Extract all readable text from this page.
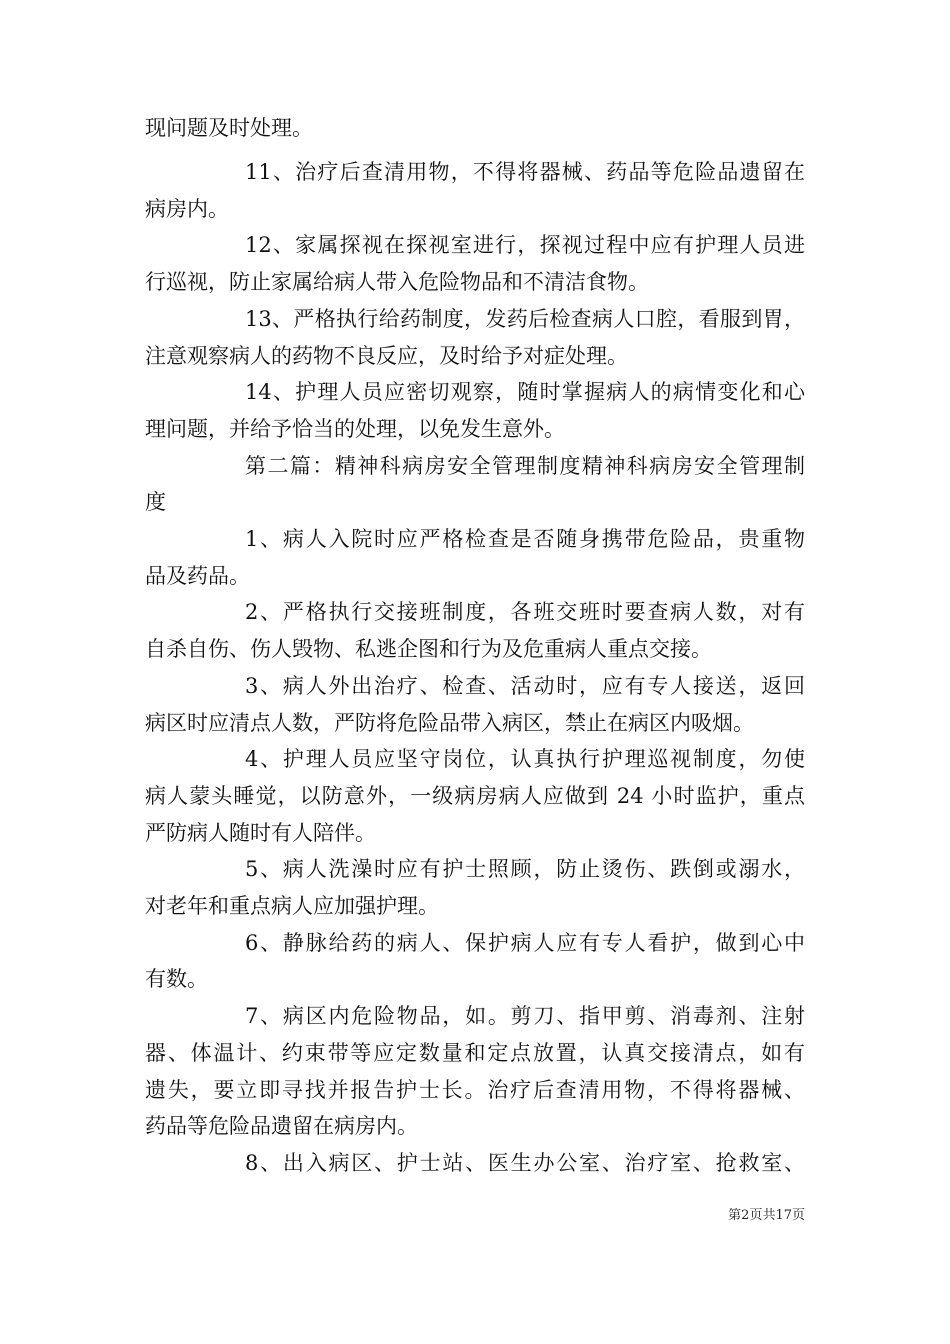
现问题及时处理。
11、治疗后查清用物，不得将器械、药品等危险品遗留在
病房内。
12、家属探视在探视室进行，探视过程中应有护理人员进
行巡视，防止家属给病人带入危险物品和不清洁食物。
13、严格执行给药制度，发药后检查病人口腔，看服到胃，
注意观察病人的药物不良反应，及时给予对症处理。
14、护理人员应密切观察，随时掌握病人的病情变化和心
理问题，并给予恰当的处理，以免发生意外。
第二篇：精神科病房安全管理制度精神科病房安全管理制
度
1、病人入院时应严格检查是否随身携带危险品，贵重物
品及药品。
2、严格执行交接班制度，各班交班时要查病人数，对有
自杀自伤、伤人毁物、私逃企图和行为及危重病人重点交接。
3、病人外出治疗、检查、活动时，应有专人接送，返回
病区时应清点人数，严防将危险品带入病区，禁止在病区内吸烟。
4、护理人员应坚守岗位，认真执行护理巡视制度，勿使
病人蒙头睡觉，以防意外，一级病房病人应做到 24 小时监护，重点
严防病人随时有人陪伴。
5、病人洗澡时应有护士照顾，防止烫伤、跌倒或溺水，
对老年和重点病人应加强护理。
6、静脉给药的病人、保护病人应有专人看护，做到心中
有数。
7、病区内危险物品，如。剪刀、指甲剪、消毒剂、注射
器、体温计、约束带等应定数量和定点放置，认真交接清点，如有
遗失，要立即寻找并报告护士长。治疗后查清用物，不得将器械、
药品等危险品遗留在病房内。
8、出入病区、护士站、医生办公室、治疗室、抢救室、
第2页共17页
